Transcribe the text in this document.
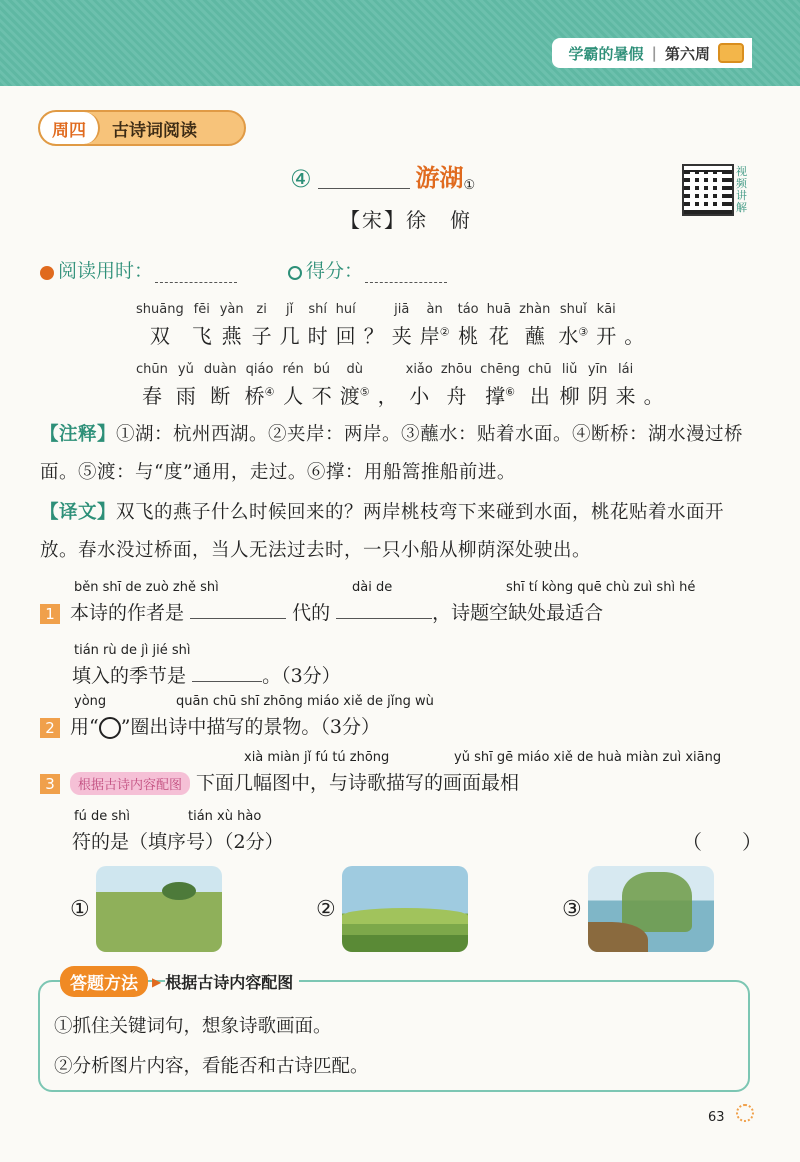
学霸的暑假 | 第六周
周四	古诗词阅读
④	游湖$_①$
【宋】徐　俯
视频讲解
阅读用时：	得分：
shuāng
双
fēi
飞
yàn
燕
zi
子
jǐ
几
shí
时
huí
回 ？
jiā
夹
àn
岸②
táo
桃
huā
花
zhàn
蘸
shuǐ
水③
kāi
开 。
chūn
春
yǔ
雨
duàn
断
qiáo
桥④
rén
人
bú
不
dù
渡⑤ ，
xiǎo
小
zhōu
舟
chēng
撑⑥
chū
出
liǔ
柳
yīn
阴
lái
来 。
【注释】①湖：杭州西湖。②夹岸：两岸。③蘸水：贴着水面。④断桥：湖水漫过桥面。⑤渡：与“度”通用，走过。⑥撑：用船篙推船前进。
【译文】双飞的燕子什么时候回来的？两岸桃枝弯下来碰到水面，桃花贴着水面开放。春水没过桥面，当人无法过去时，一只小船从柳荫深处驶出。
běn shī de zuò zhě shì	dài de	shī tí kòng quē chù zuì shì hé
1 本诗的作者是	代的	，诗题空缺处最适合
tián rù de jì jié shì
填入的季节是	。（3分）
yòng	quān chū shī zhōng miáo xiě de jǐng wù
2 用“ ”圈出诗中描写的景物。（3分）
xià miàn jǐ fú tú zhōng	yǔ shī gē miáo xiě de huà miàn zuì xiāng
3 根据古诗内容配图 下面几幅图中，与诗歌描写的画面最相
fú de shì	tián xù hào
符的是（填序号）（2分）	（　　）
①	②	③
答题方法	▶ 根据古诗内容配图
①抓住关键词句，想象诗歌画面。
②分析图片内容，看能否和古诗匹配。
63
